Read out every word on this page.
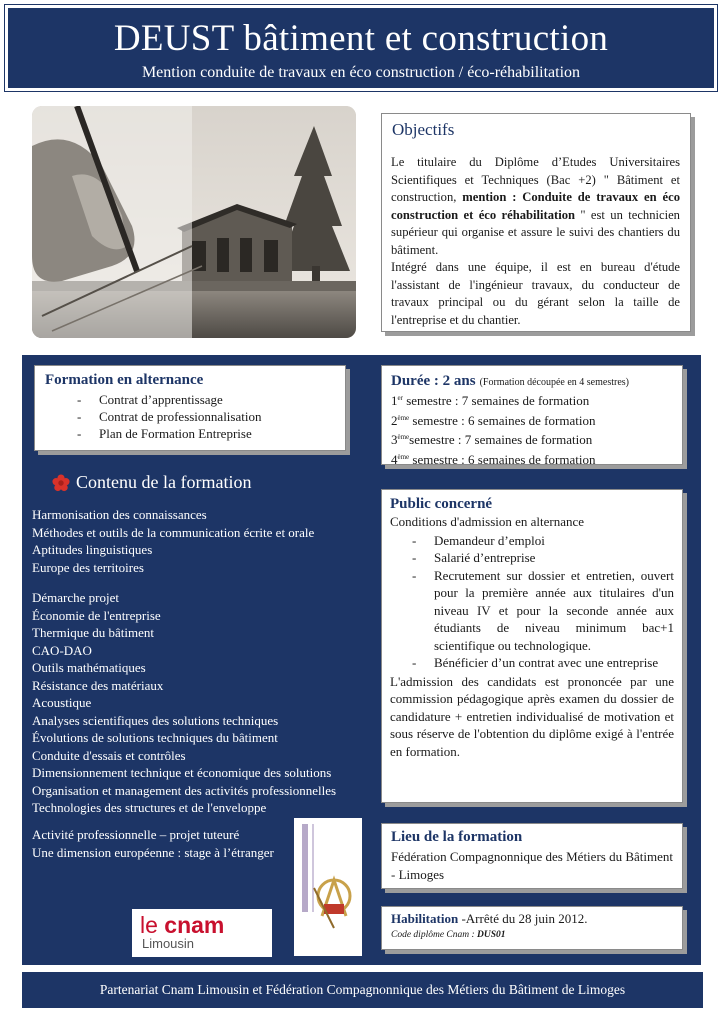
DEUST bâtiment et construction
Mention conduite de travaux en éco construction / éco-réhabilitation
Objectifs

Le titulaire du Diplôme d’Etudes Universitaires Scientifiques et Techniques (Bac +2) " Bâtiment et construction, mention : Conduite de travaux en éco construction et éco réhabilitation " est un technicien supérieur qui organise et assure le suivi des chantiers du bâtiment.

Intégré dans une équipe, il est en bureau d'étude l'assistant de l'ingénieur travaux, du conducteur de travaux principal ou du gérant selon la taille de l'entreprise et du chantier.

Formation en alternance
- Contrat d’apprentissage
- Contrat de professionnalisation
- Plan de Formation Entreprise
Durée : 2 ans (Formation découpée en 4 semestres)
1er semestre : 7 semaines de formation
2ème semestre : 6 semaines de formation
3èmesemestre : 7 semaines de formation
4ème semestre : 6 semaines de formation
Contenu de la formation
Harmonisation des connaissances
Méthodes et outils de la communication écrite et orale
Aptitudes linguistiques
Europe des territoires
Démarche projet
Économie de l'entreprise
Thermique du bâtiment
CAO-DAO
Outils mathématiques
Résistance des matériaux
Acoustique
Analyses scientifiques des solutions techniques
Évolutions de solutions techniques du bâtiment
Conduite d'essais et contrôles
Dimensionnement technique et économique des solutions
Organisation et management des activités professionnelles
Technologies des structures et de l'enveloppe
Activité professionnelle – projet tuteuré
Une dimension européenne : stage à l’étranger
Public concerné
Conditions d'admission en alternance
- Demandeur d’emploi
- Salarié d’entreprise
- Recrutement sur dossier et entretien, ouvert pour la première année aux titulaires d'un niveau IV et pour la seconde année aux étudiants de niveau minimum bac+1 scientifique ou technologique.
- Bénéficier d’un contrat avec une entreprise
L'admission des candidats est prononcée par une commission pédagogique après examen du dossier de candidature + entretien individualisé de motivation et sous réserve de l'obtention du diplôme exigé à l'entrée en formation.
Lieu de la formation

Fédération Compagnonnique des Métiers du Bâtiment - Limoges

Habilitation -Arrêté du 28 juin 2012.
Code diplôme Cnam : DUS01
le cnam
Limousin
Partenariat Cnam Limousin et Fédération Compagnonnique des Métiers du Bâtiment de Limoges
